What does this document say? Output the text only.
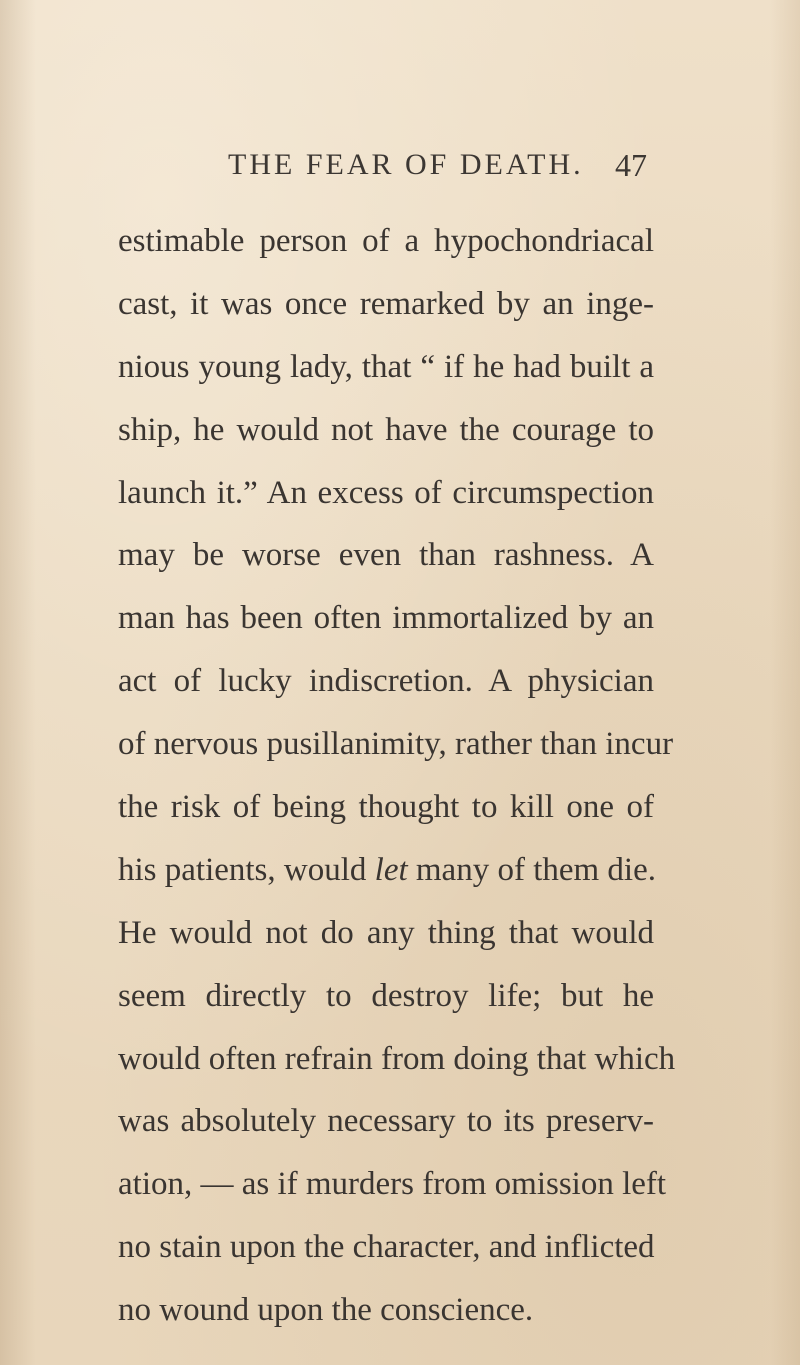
THE FEAR OF DEATH. 47
estimable person of a hypochondriacal
cast, it was once remarked by an inge-
nious young lady, that “ if he had built a
ship, he would not have the courage to
launch it.” An excess of circumspection
may be worse even than rashness. A
man has been often immortalized by an
act of lucky indiscretion. A physician
of nervous pusillanimity, rather than incur
the risk of being thought to kill one of
his patients, would let many of them die.
He would not do any thing that would
seem directly to destroy life; but he
would often refrain from doing that which
was absolutely necessary to its preserv-
ation, — as if murders from omission left
no stain upon the character, and inflicted
no wound upon the conscience.
